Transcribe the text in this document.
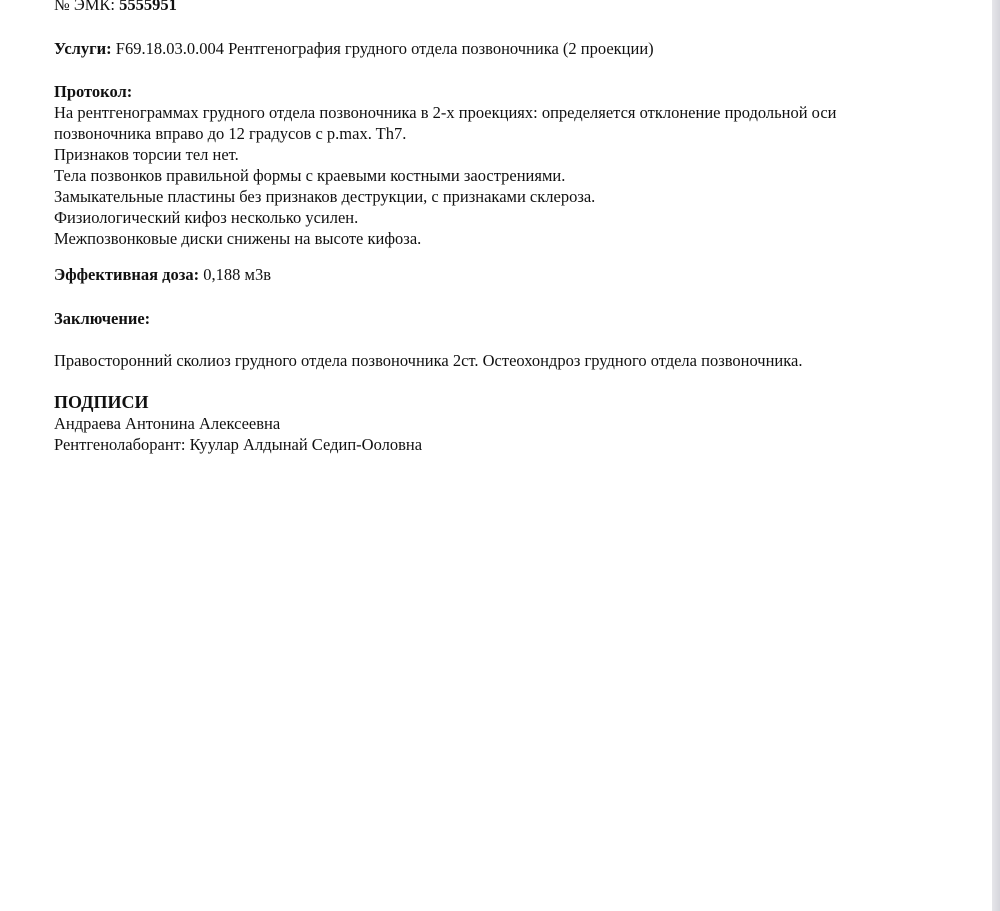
№ ЭМК: 5555951
Услуги: F69.18.03.0.004 Рентгенография грудного отдела позвоночника (2 проекции)
Протокол:
На рентгенограммах грудного отдела позвоночника в 2-х проекциях: определяется отклонение продольной оси
позвоночника вправо до 12 градусов с р.max. Th7.
Признаков торсии тел нет.
Тела позвонков правильной формы с краевыми костными заострениями.
Замыкательные пластины без признаков деструкции, с признаками склероза.
Физиологический кифоз несколько усилен.
Межпозвонковые диски снижены на высоте кифоза.
Эффективная доза: 0,188 м3в
Заключение:
Правосторонний сколиоз грудного отдела позвоночника 2ст. Остеохондроз грудного отдела позвоночника.
ПОДПИСИ
Андраева Антонина Алексеевна
Рентгенолаборант: Куулар Алдынай Седип-Ооловна
